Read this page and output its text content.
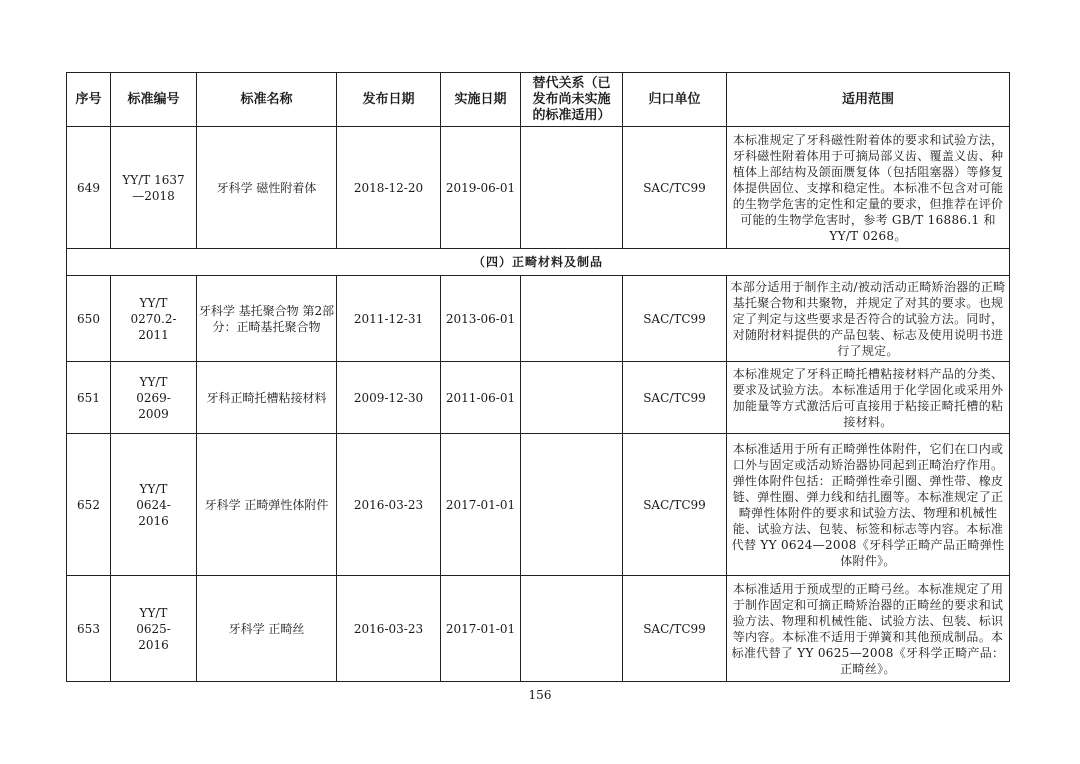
序号	标准编号	标准名称	发布日期	实施日期	替代关系（已发布尚未实施的标准适用）	归口单位	适用范围
649	YY/T 1637—2018	牙科学 磁性附着体	2018-12-20	2019-06-01		SAC/TC99	本标准规定了牙科磁性附着体的要求和试验方法，牙科磁性附着体用于可摘局部义齿、覆盖义齿、种植体上部结构及颌面赝复体（包括阻塞器）等修复体提供固位、支撑和稳定性。本标准不包含对可能的生物学危害的定性和定量的要求，但推荐在评价可能的生物学危害时，参考 GB/T 16886.1 和 YY/T 0268。
（四）正畸材料及制品							
650	YY/T 0270.2-2011	牙科学 基托聚合物 第2部分：正畸基托聚合物	2011-12-31	2013-06-01		SAC/TC99	本部分适用于制作主动/被动活动正畸矫治器的正畸基托聚合物和共聚物，并规定了对其的要求。也规定了判定与这些要求是否符合的试验方法。同时，对随附材料提供的产品包装、标志及使用说明书进行了规定。
651	YY/T 0269-2009	牙科正畸托槽粘接材料	2009-12-30	2011-06-01		SAC/TC99	本标准规定了牙科正畸托槽粘接材料产品的分类、要求及试验方法。本标准适用于化学固化或采用外加能量等方式激活后可直接用于粘接正畸托槽的粘接材料。
652	YY/T 0624-2016	牙科学 正畸弹性体附件	2016-03-23	2017-01-01		SAC/TC99	本标准适用于所有正畸弹性体附件，它们在口内或口外与固定或活动矫治器协同起到正畸治疗作用。弹性体附件包括：正畸弹性牵引圈、弹性带、橡皮链、弹性圈、弹力线和结扎圈等。本标准规定了正畸弹性体附件的要求和试验方法、物理和机械性能、试验方法、包装、标签和标志等内容。本标准代替 YY 0624—2008《牙科学正畸产品正畸弹性体附件》。
653	YY/T 0625-2016	牙科学 正畸丝	2016-03-23	2017-01-01		SAC/TC99	本标准适用于预成型的正畸弓丝。本标准规定了用于制作固定和可摘正畸矫治器的正畸丝的要求和试验方法、物理和机械性能、试验方法、包装、标识等内容。本标准不适用于弹簧和其他预成制品。本标准代替了 YY 0625—2008《牙科学正畸产品：正畸丝》。
156
